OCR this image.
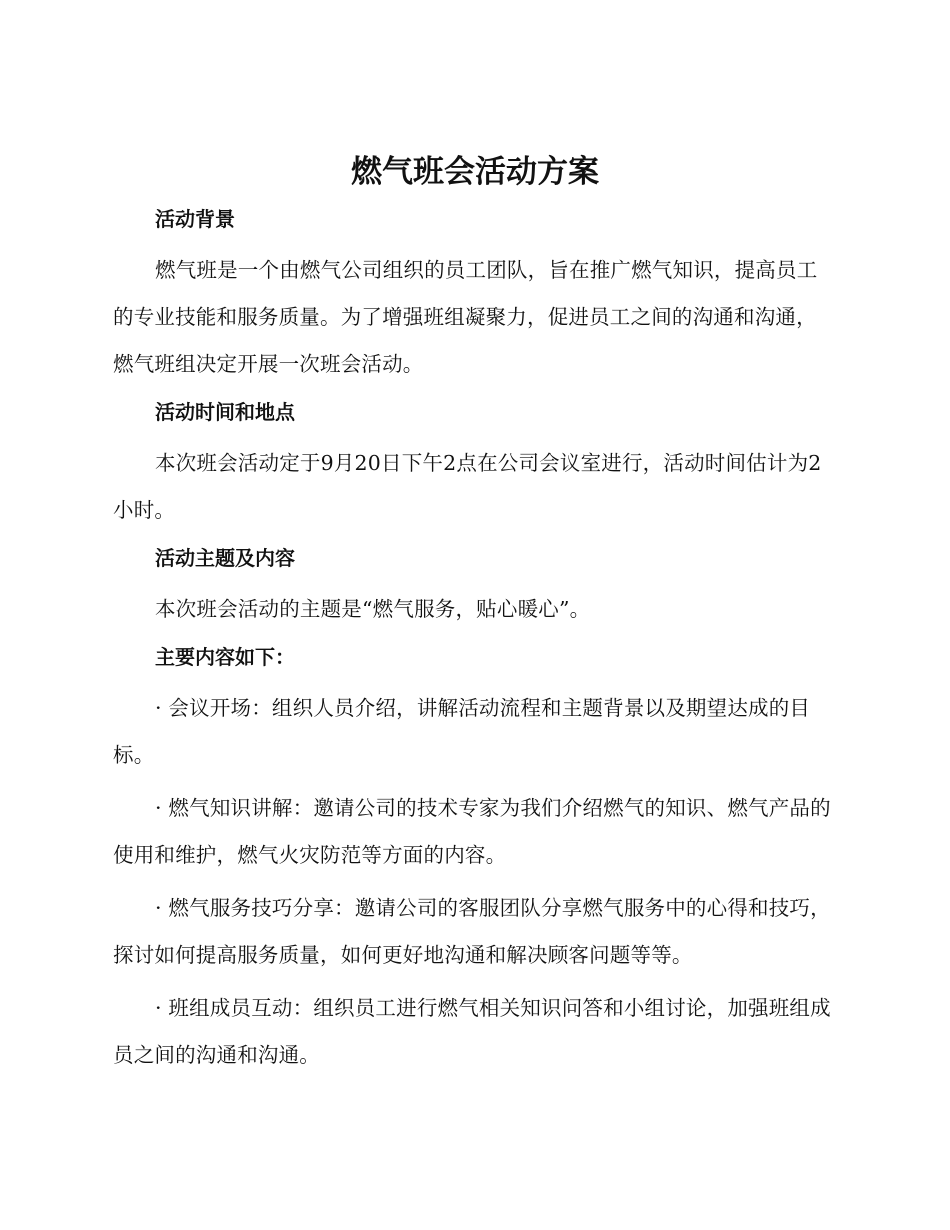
燃气班会活动方案
活动背景

燃气班是一个由燃气公司组织的员工团队，旨在推广燃气知识，提高员工的专业技能和服务质量。为了增强班组凝聚力，促进员工之间的沟通和沟通，燃气班组决定开展一次班会活动。

活动时间和地点

本次班会活动定于9月20日下午2点在公司会议室进行，活动时间估计为2小时。

活动主题及内容

本次班会活动的主题是“燃气服务，贴心暖心”。

主要内容如下：

· 会议开场：组织人员介绍，讲解活动流程和主题背景以及期望达成的目标。

· 燃气知识讲解：邀请公司的技术专家为我们介绍燃气的知识、燃气产品的使用和维护，燃气火灾防范等方面的内容。

· 燃气服务技巧分享：邀请公司的客服团队分享燃气服务中的心得和技巧，探讨如何提高服务质量，如何更好地沟通和解决顾客问题等等。

· 班组成员互动：组织员工进行燃气相关知识问答和小组讨论，加强班组成员之间的沟通和沟通。
